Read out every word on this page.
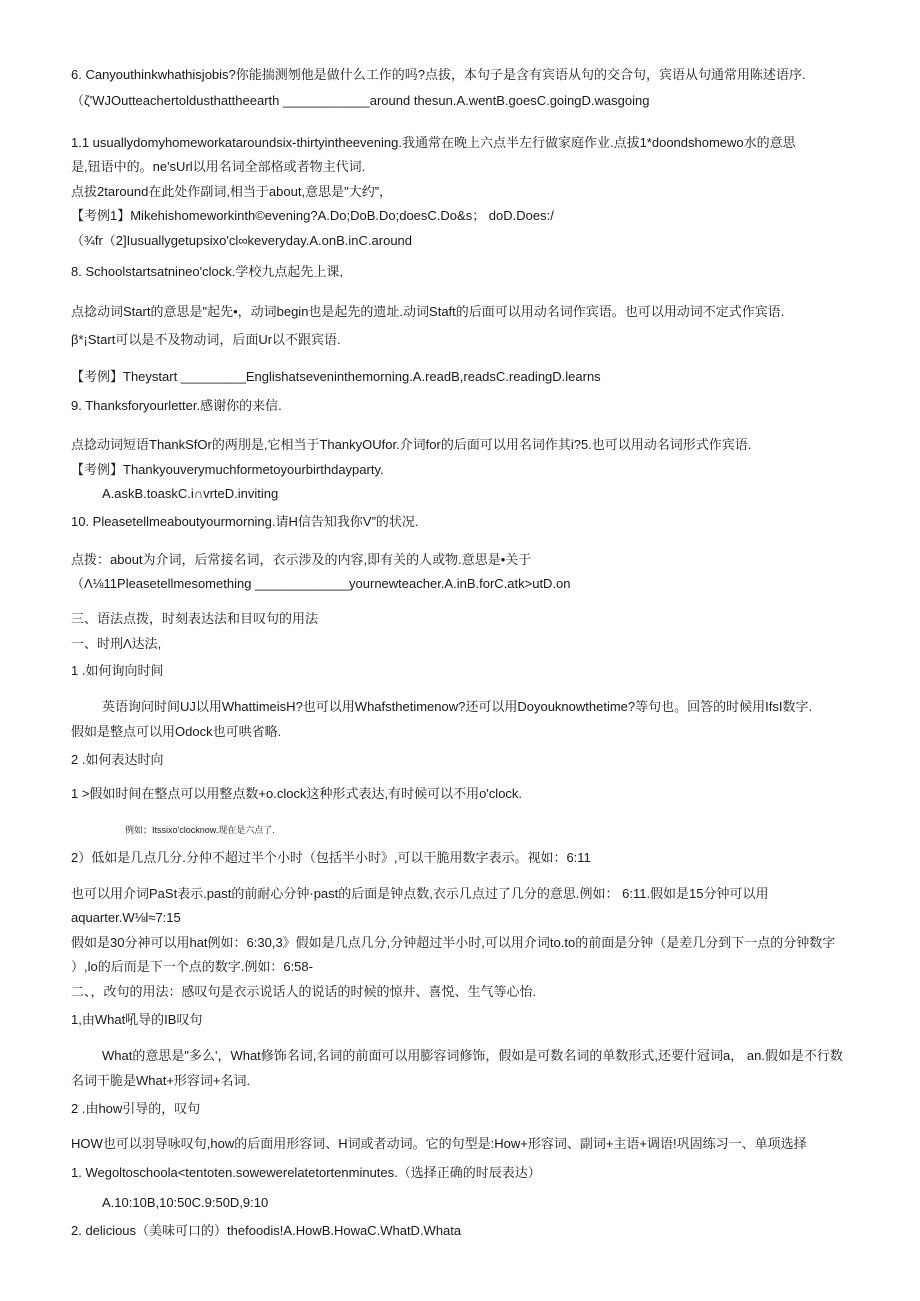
6. Canyouthinkwhathisjobis?你能揣测刎他是做什么工作的吗?点拔，本句子是含有宾语从句的交合句，宾语从句通常用陈述语序.
（ζ'WJOutteachertoldusthattheearth ____________around thesun.A.wentB.goesC.goingD.wasgoing
1.1 usuallydomyhomeworkataroundsix-thirtyintheevening.我通常在晚上六点半左行做家庭作业.点拔1*doondshomewo水的意思
是,钮语中的。ne'sUrl以用名词全部格或者物主代词.
点拔2taround在此处作副词,相当于about,意思是"大约”，
【考例1】Mikehishomeworkinth©evening?A.Do;DoB.Do;doesC.Do&s； doD.Does:/
（¾fr（2]Iusuallygetupsixo'cl∞keveryday.A.onB.inC.around
8. Schoolstartsatnineo'clock.学校九点起先上课,
点捻动词Start的意思是"起先•，动词begin也是起先的遗址.动词Staft的后面可以用动名词作宾语。也可以用动词不定式作宾语.
β*¡Start可以是不及物动词，后面Ur以不跟宾语.
【考例】Theystart _________Englishatseveninthemorning.A.readB,readsC.readingD.learns
9. Thanksforyourletter.感谢你的来信.
点捻动词短语ThankSfOr的两刖是,它相当于ThankyOUfor.介词for的后面可以用名词作其i?5.也可以用动名词形式作宾语.
【考例】Thankyouverymuchformetoyourbirthdayparty.
A.askB.toaskC.i∩vrteD.inviting
10. Pleasetellmeaboutyourmorning.请H信告知我你V”的状况.
点拨：about为介词，后常接名词，衣示涉及的内容,即有关的人或物.意思是•关于
（Λ⅛11Pleasetellmesomething _____________yournewteacher.A.inB.forC.atk>utD.on
三、语法点拨，时刻表达法和目叹句的用法
一、时刑Λ达法,
1 .如何询向时间
英语询问时间UJ以用WhattimeisH?也可以用Whafsthetimenow?还可以用Doyouknowthetime?等句也。回答的时候用IfsI数字.
假如是整点可以用Odock也可哄省略.
2 .如何表达时向
1 >假如时间在整点可以用整点数+o.clock这种形式表达,有时候可以不用o'clock.
例如；Itssixo'clocknow.现在是六点了.
2）低如是几点几分.分仲不超过半个小时（包括半小时》,可以干脆用数字表示。视如：6:11
也可以用介词PaSt表示.past的前耐心分钟·past的后面是钟点数,衣示几点过了几分的意思.例如： 6:11.假如是15分钟可以用
aquarter.W⅛l≈7:15
假如是30分神可以用hat例如：6:30,3》假如是几点几分,分钟超过半小时,可以用介词to.to的前面是分钟（是差几分到下一点的分钟数字
）,lo的后而是下一个点的数字.例如：6:58-
二、，改句的用法：感叹句是衣示说话人的说话的时候的惊井、喜悦、生气等心怡.
1,由What吼导的IB叹句
What的意思是"多么'，What修饰名词,名词的前面可以用膨容词修饰，假如是可数名词的单数形式,还要什冠词a， an.假如是不行数
名词干脆是What+形容词+名词.
2 .由how引导的，叹句
HOW也可以羽导咏叹句,how的后面用形容词、H词或者动词。它的句型是:How+形容词、副词+主语+调语!巩固练习一、单项选择
1. Wegoltoschoola<tentoten.sowewerelatetortenminutes.（选择正确的时辰表达）
A.10:10B,10:50C.9:50D,9:10
2. delicious（美味可口的）thefoodis!A.HowB.HowaC.WhatD.Whata
